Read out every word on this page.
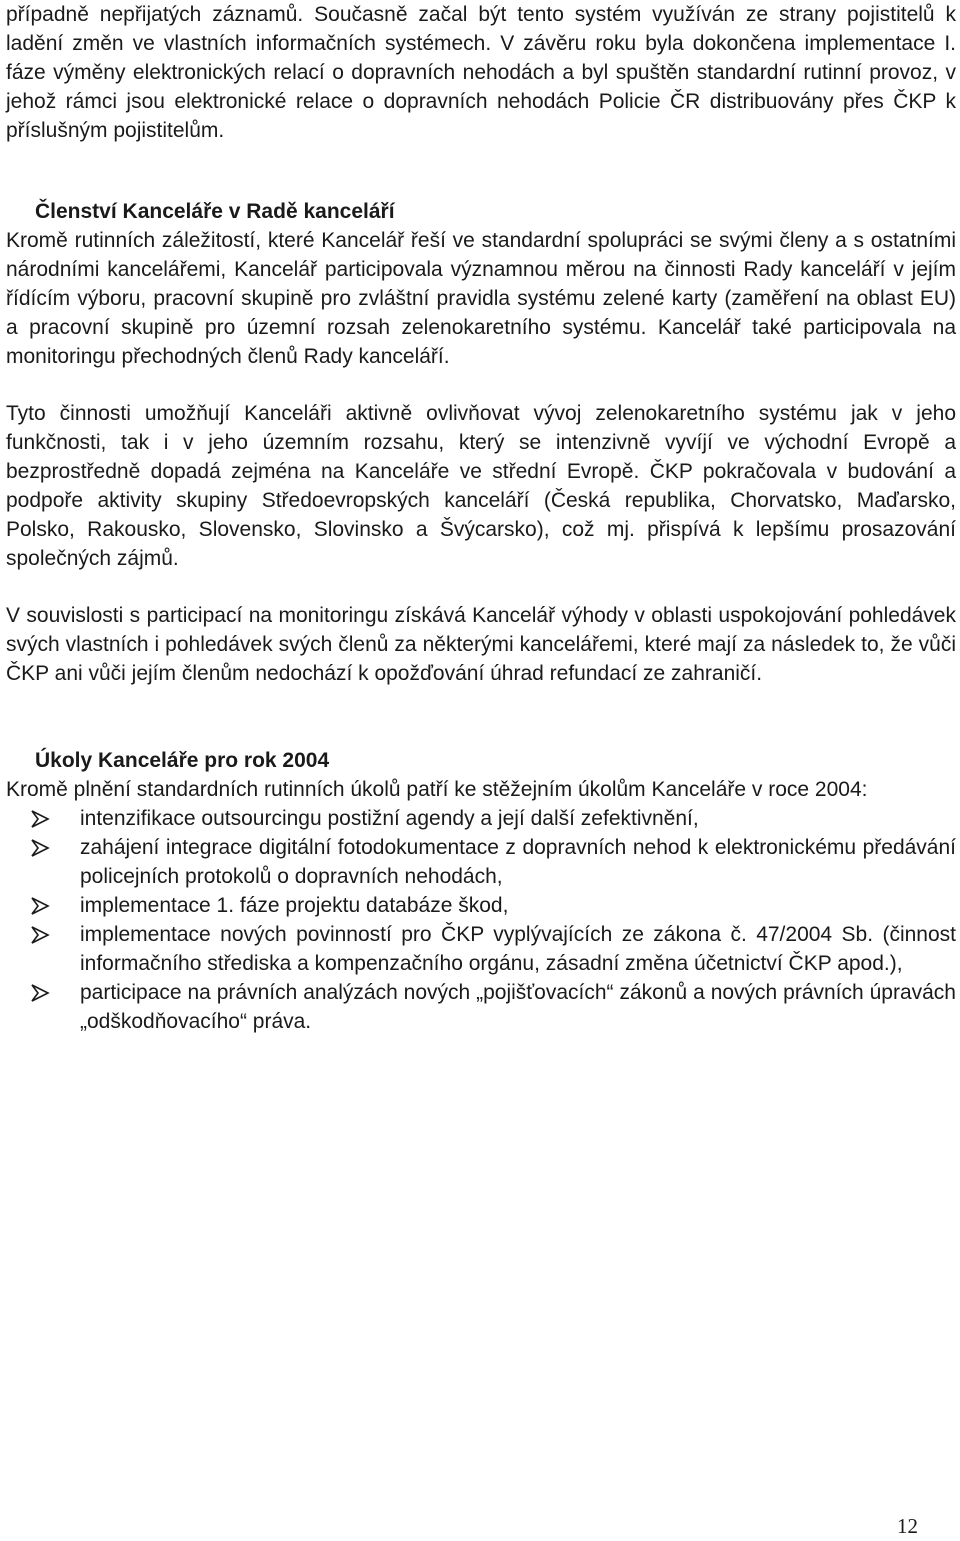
případně nepřijatých záznamů. Současně začal být tento systém využíván ze strany pojistitelů k ladění změn ve vlastních informačních systémech. V závěru roku byla dokončena implementace I. fáze výměny elektronických relací o dopravních nehodách a byl spuštěn standardní rutinní provoz, v jehož rámci jsou elektronické relace o dopravních nehodách Policie ČR distribuovány přes ČKP k příslušným pojistitelům.

Členství Kanceláře v Radě kanceláří

Kromě rutinních záležitostí, které Kancelář řeší ve standardní spolupráci se svými členy a s ostatními národními kancelářemi, Kancelář participovala významnou měrou na činnosti Rady kanceláří v jejím řídícím výboru, pracovní skupině pro zvláštní pravidla systému zelené karty (zaměření na oblast EU) a pracovní skupině pro územní rozsah zelenokaretního systému. Kancelář také participovala na monitoringu přechodných členů Rady kanceláří.

Tyto činnosti umožňují Kanceláři aktivně ovlivňovat vývoj zelenokaretního systému jak v jeho funkčnosti, tak i v jeho územním rozsahu, který se intenzivně vyvíjí ve východní Evropě a bezprostředně dopadá zejména na Kanceláře ve střední Evropě. ČKP pokračovala v budování a podpoře aktivity skupiny Středoevropských kanceláří (Česká republika, Chorvatsko, Maďarsko, Polsko, Rakousko, Slovensko, Slovinsko a Švýcarsko), což mj. přispívá k lepšímu prosazování společných zájmů.

V souvislosti s participací na monitoringu získává Kancelář výhody v oblasti uspokojování pohledávek svých vlastních i pohledávek svých členů za některými kancelářemi, které mají za následek to, že vůči ČKP ani vůči jejím členům nedochází k opožďování úhrad refundací ze zahraničí.

Úkoly Kanceláře pro rok 2004

Kromě plnění standardních rutinních úkolů patří ke stěžejním úkolům Kanceláře v roce 2004:

intenzifikace outsourcingu postižní agendy a její další zefektivnění,
zahájení integrace digitální fotodokumentace z dopravních nehod k elektronickému předávání policejních protokolů o dopravních nehodách,
implementace 1. fáze projektu databáze škod,
implementace nových povinností pro ČKP vyplývajících ze zákona č. 47/2004 Sb. (činnost informačního střediska a kompenzačního orgánu, zásadní změna účetnictví ČKP apod.),
participace na právních analýzách nových „pojišťovacích“ zákonů a nových právních úpravách „odškodňovacího“ práva.
12
